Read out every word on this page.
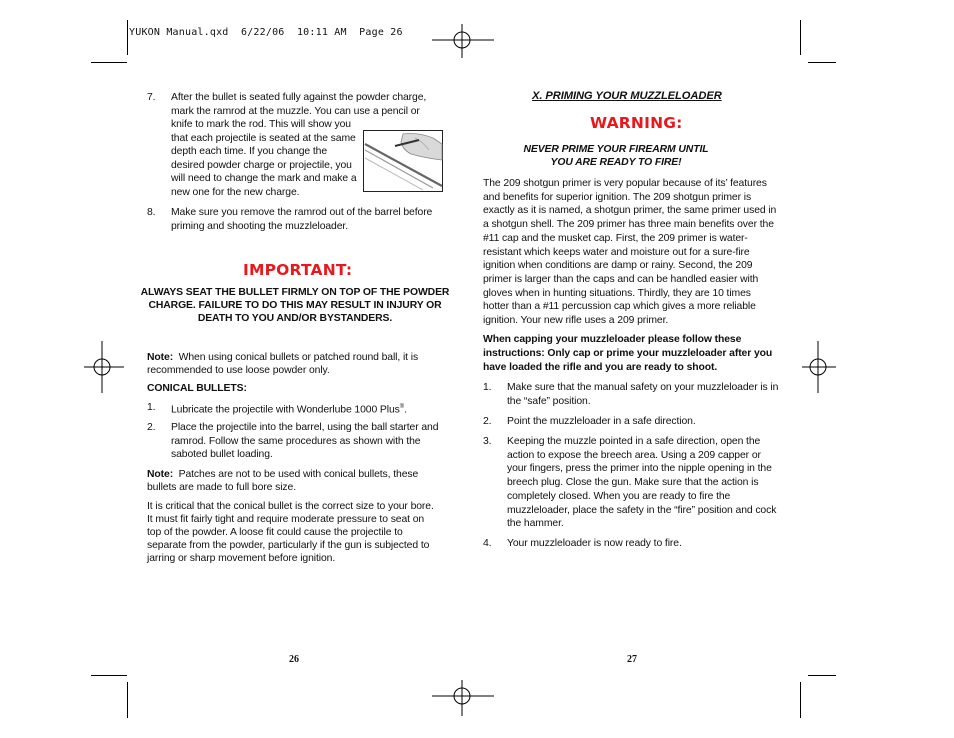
YUKON Manual.qxd  6/22/06  10:11 AM  Page 26
7.	After the bullet is seated fully against the powder charge,
mark the ramrod at the muzzle. You can use a pencil or
knife to mark the rod. This will show you
that each projectile is seated at the same
depth each time. If you change the
desired powder charge or projectile, you
will need to change the mark and make a
new one for the new charge.
8.	Make sure you remove the ramrod out of the barrel before
priming and shooting the muzzleloader.
IMPORTANT:
ALWAYS SEAT THE BULLET FIRMLY ON TOP OF THE POWDER
CHARGE. FAILURE TO DO THIS MAY RESULT IN INJURY OR
DEATH TO YOU AND/OR BYSTANDERS.
Note: When using conical bullets or patched round ball, it is
recommended to use loose powder only.
CONICAL BULLETS:
1.	Lubricate the projectile with Wonderlube 1000 Plus®.
2.	Place the projectile into the barrel, using the ball starter and
ramrod. Follow the same procedures as shown with the
saboted bullet loading.
Note: Patches are not to be used with conical bullets, these
bullets are made to full bore size.
It is critical that the conical bullet is the correct size to your bore.
It must fit fairly tight and require moderate pressure to seat on
top of the powder. A loose fit could cause the projectile to
separate from the powder, particularly if the gun is subjected to
jarring or sharp movement before ignition.
26
X. PRIMING YOUR MUZZLELOADER
WARNING:
NEVER PRIME YOUR FIREARM UNTIL
YOU ARE READY TO FIRE!
The 209 shotgun primer is very popular because of its’ features
and benefits for superior ignition. The 209 shotgun primer is
exactly as it is named, a shotgun primer, the same primer used in
a shotgun shell. The 209 primer has three main benefits over the
#11 cap and the musket cap. First, the 209 primer is water-
resistant which keeps water and moisture out for a sure-fire
ignition when conditions are damp or rainy. Second, the 209
primer is larger than the caps and can be handled easier with
gloves when in hunting situations. Thirdly, they are 10 times
hotter than a #11 percussion cap which gives a more reliable
ignition. Your new rifle uses a 209 primer.
When capping your muzzleloader please follow these
instructions: Only cap or prime your muzzleloader after you
have loaded the rifle and you are ready to shoot.
1.	Make sure that the manual safety on your muzzleloader is in
the “safe” position.
2.	Point the muzzleloader in a safe direction.
3.	Keeping the muzzle pointed in a safe direction, open the
action to expose the breech area. Using a 209 capper or
your fingers, press the primer into the nipple opening in the
breech plug. Close the gun. Make sure that the action is
completely closed. When you are ready to fire the
muzzleloader, place the safety in the “fire” position and cock
the hammer.
4.	Your muzzleloader is now ready to fire.
27
